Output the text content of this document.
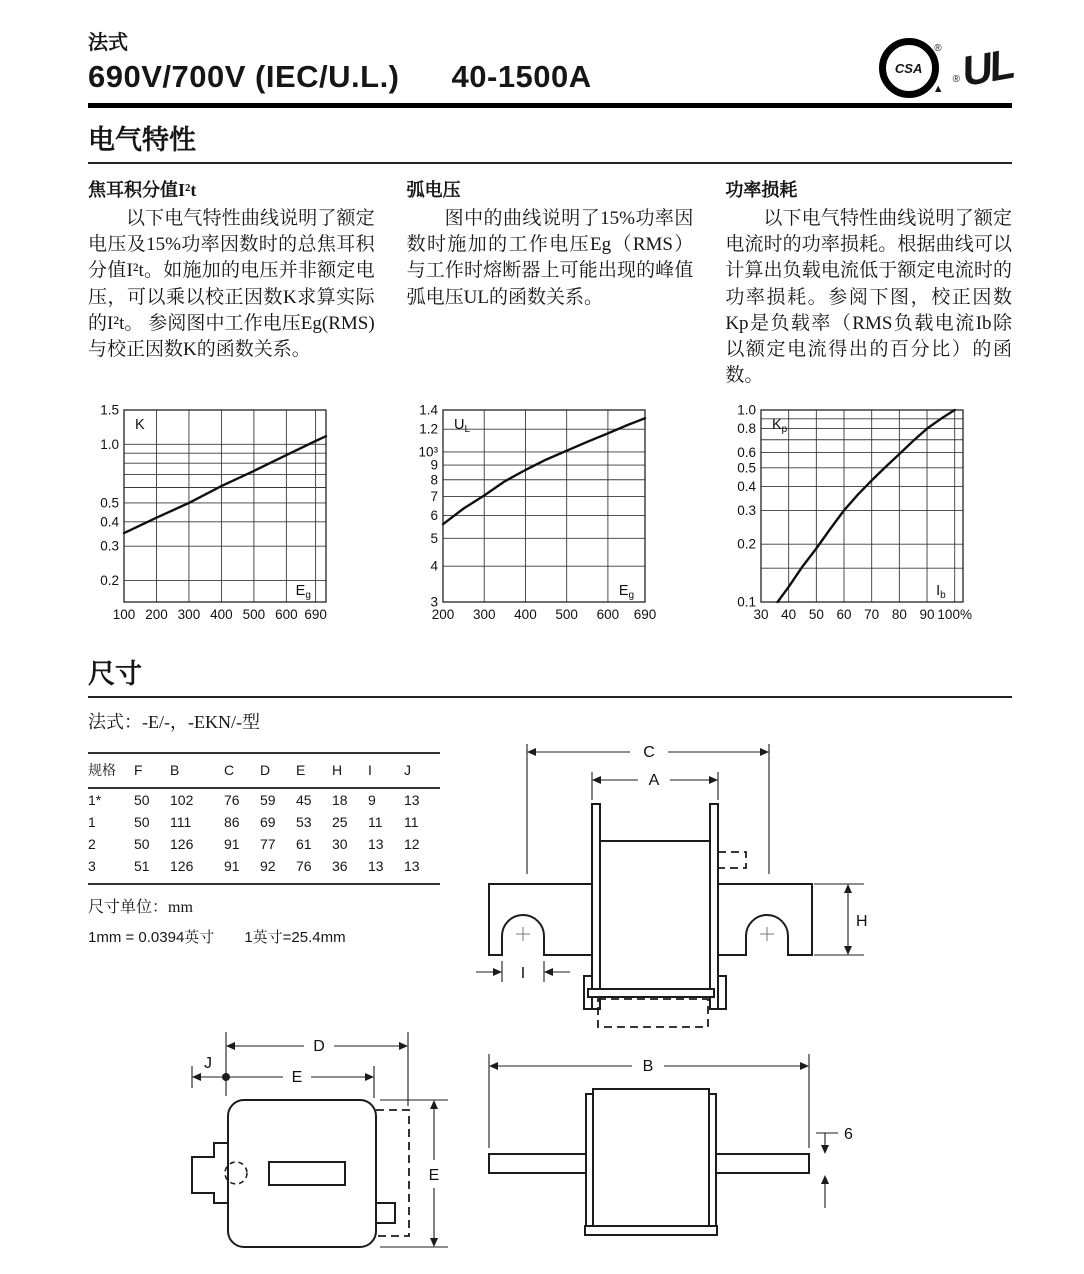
法式
690V/700V (IEC/U.L.) 40-1500A	CSA
®
▲
®
UL
电气特性
焦耳积分值I²t

以下电气特性曲线说明了额定电压及15%功率因数时的总焦耳积分值I²t。如施加的电压并非额定电压，可以乘以校正因数K求算实际的I²t。 参阅图中工作电压Eg(RMS)与校正因数K的函数关系。

弧电压

图中的曲线说明了15%功率因数时施加的工作电压Eg（RMS）与工作时熔断器上可能出现的峰值弧电压UL的函数关系。

功率损耗

以下电气特性曲线说明了额定电流时的功率损耗。根据曲线可以计算出负载电流低于额定电流时的功率损耗。参阅下图，校正因数Kp是负载率（RMS负载电流Ib除以额定电流得出的百分比）的函数。

100 200 300 400 500 600 690
1.5
1.0
0.5
0.4
0.3
0.2
K
$E_g$
200 300 400 500 600 690
1.4
1.2
10³
9
8
7
6
5
4
3
$U_L$
$E_g$
30 40 50 60 70 80 90 100%
1.0
0.8
0.6
0.5
0.4
0.3
0.2
0.1
$K_p$
$I_b$
尺寸
法式：-E/-，-EKN/-型
规格	F	B	C	D	E	H	I	J
1*	50	102	76	59	45	18	9	13
1	50	111	86	69	53	25	11	11
2	50	126	91	77	61	30	13	12
3	51	126	91	92	76	36	13	13
尺寸单位：mm
1mm = 0.0394英寸 1英寸=25.4mm
C
A
H
I
D
J
E
E
B
6
